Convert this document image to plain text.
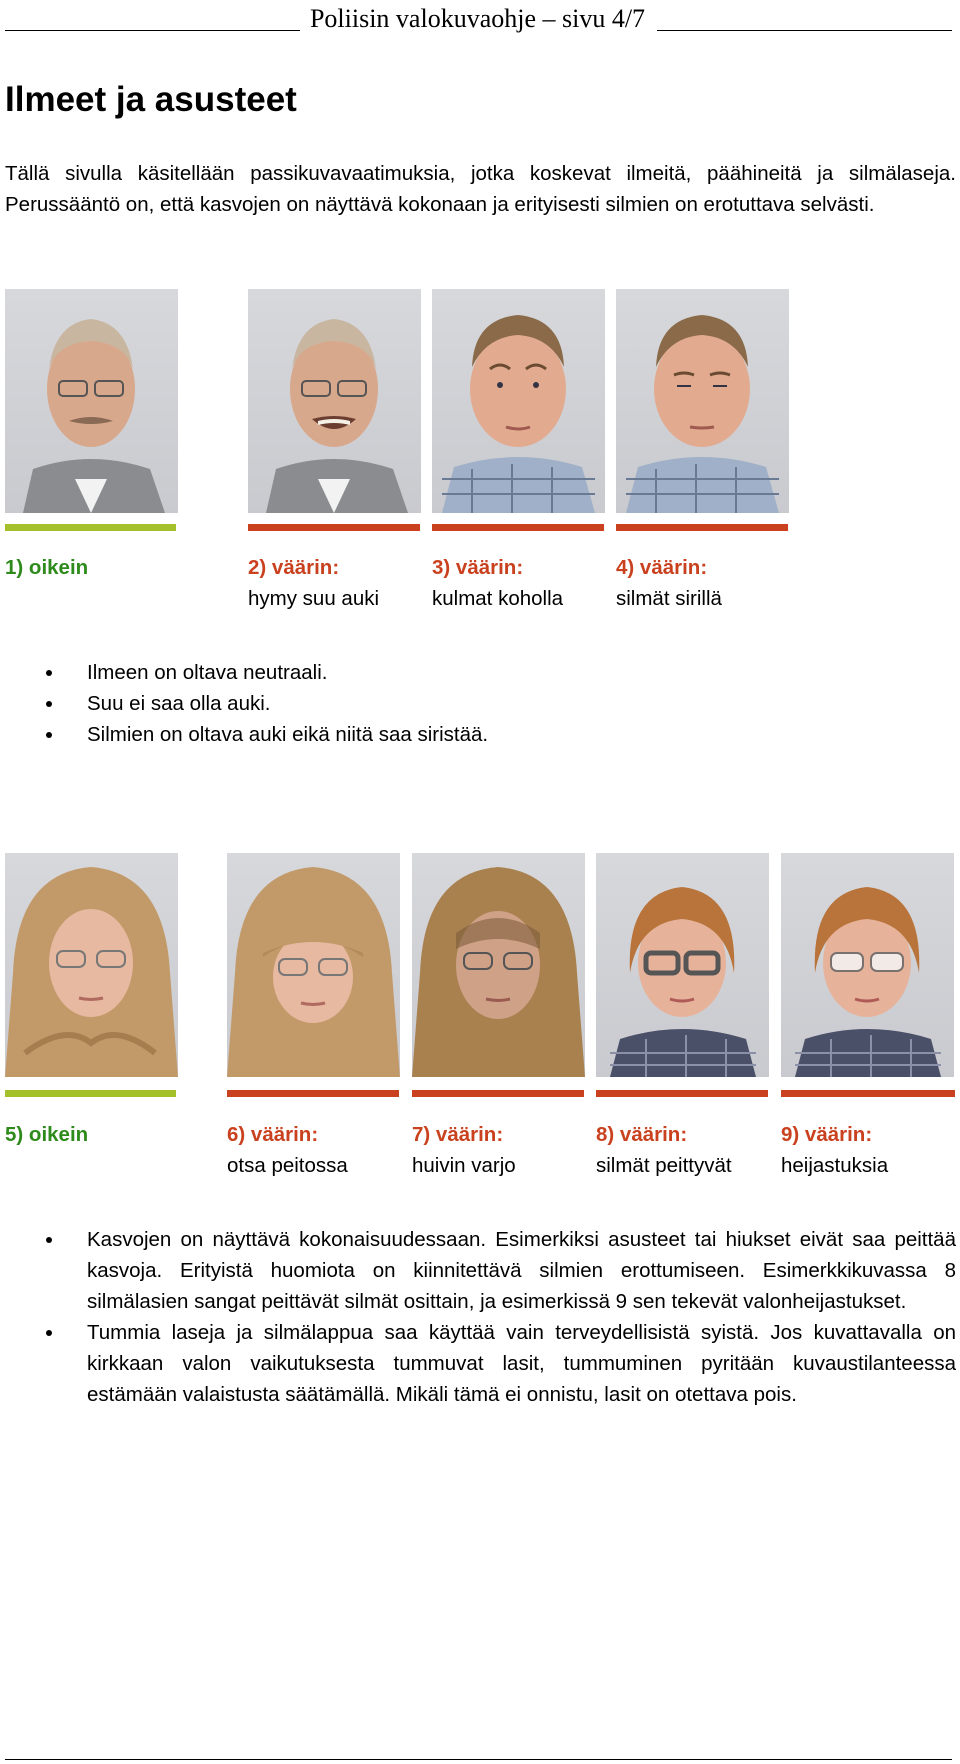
Poliisin valokuvaohje – sivu 4/7
Ilmeet ja asusteet

Tällä sivulla käsitellään passikuvavaatimuksia, jotka koskevat ilmeitä, päähineitä ja silmälaseja. Perussääntö on, että kasvojen on näyttävä kokonaan ja erityisesti silmien on erotuttava selvästi.

1) oikein	2) väärin:
hymy suu auki
3) väärin:
kulmat koholla
4) väärin:
silmät sirillä
Ilmeen on oltava neutraali.
Suu ei saa olla auki.
Silmien on oltava auki eikä niitä saa siristää.
5) oikein	6) väärin:
otsa peitossa
7) väärin:
huivin varjo
8) väärin:
silmät peittyvät
9) väärin:
heijastuksia
Kasvojen on näyttävä kokonaisuudessaan. Esimerkiksi asusteet tai hiukset eivät saa peittää kasvoja. Erityistä huomiota on kiinnitettävä silmien erottumiseen. Esimerkkikuvassa 8 silmälasien sangat peittävät silmät osittain, ja esimerkissä 9 sen tekevät valonheijastukset.
Tummia laseja ja silmälappua saa käyttää vain terveydellisistä syistä. Jos kuvattavalla on kirkkaan valon vaikutuksesta tummuvat lasit, tummuminen pyritään kuvaustilanteessa estämään valaistusta säätämällä. Mikäli tämä ei onnistu, lasit on otettava pois.
